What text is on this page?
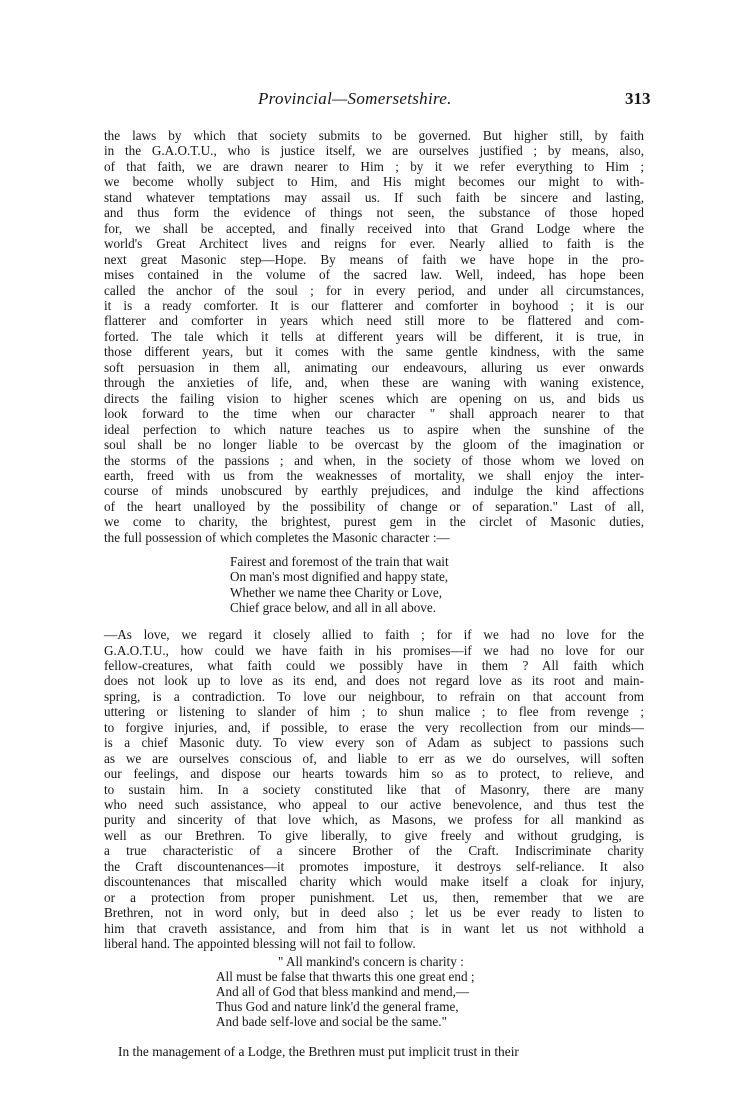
Provincial—Somersetshire.	313
the laws by which that society submits to be governed. But higher still, by faith
in the G.A.O.T.U., who is justice itself, we are ourselves justified ; by means, also,
of that faith, we are drawn nearer to Him ; by it we refer everything to Him ;
we become wholly subject to Him, and His might becomes our might to with-
stand whatever temptations may assail us. If such faith be sincere and lasting,
and thus form the evidence of things not seen, the substance of those hoped
for, we shall be accepted, and finally received into that Grand Lodge where the
world's Great Architect lives and reigns for ever. Nearly allied to faith is the
next great Masonic step—Hope. By means of faith we have hope in the pro-
mises contained in the volume of the sacred law. Well, indeed, has hope been
called the anchor of the soul ; for in every period, and under all circumstances,
it is a ready comforter. It is our flatterer and comforter in boyhood ; it is our
flatterer and comforter in years which need still more to be flattered and com-
forted. The tale which it tells at different years will be different, it is true, in
those different years, but it comes with the same gentle kindness, with the same
soft persuasion in them all, animating our endeavours, alluring us ever onwards
through the anxieties of life, and, when these are waning with waning existence,
directs the failing vision to higher scenes which are opening on us, and bids us
look forward to the time when our character " shall approach nearer to that
ideal perfection to which nature teaches us to aspire when the sunshine of the
soul shall be no longer liable to be overcast by the gloom of the imagination or
the storms of the passions ; and when, in the society of those whom we loved on
earth, freed with us from the weaknesses of mortality, we shall enjoy the inter-
course of minds unobscured by earthly prejudices, and indulge the kind affections
of the heart unalloyed by the possibility of change or of separation." Last of all,
we come to charity, the brightest, purest gem in the circlet of Masonic duties,
the full possession of which completes the Masonic character :—
Fairest and foremost of the train that wait
On man's most dignified and happy state,
Whether we name thee Charity or Love,
Chief grace below, and all in all above.
—As love, we regard it closely allied to faith ; for if we had no love for the
G.A.O.T.U., how could we have faith in his promises—if we had no love for our
fellow-creatures, what faith could we possibly have in them ? All faith which
does not look up to love as its end, and does not regard love as its root and main-
spring, is a contradiction. To love our neighbour, to refrain on that account from
uttering or listening to slander of him ; to shun malice ; to flee from revenge ;
to forgive injuries, and, if possible, to erase the very recollection from our minds—
is a chief Masonic duty. To view every son of Adam as subject to passions such
as we are ourselves conscious of, and liable to err as we do ourselves, will soften
our feelings, and dispose our hearts towards him so as to protect, to relieve, and
to sustain him. In a society constituted like that of Masonry, there are many
who need such assistance, who appeal to our active benevolence, and thus test the
purity and sincerity of that love which, as Masons, we profess for all mankind as
well as our Brethren. To give liberally, to give freely and without grudging, is
a true characteristic of a sincere Brother of the Craft. Indiscriminate charity
the Craft discountenances—it promotes imposture, it destroys self-reliance. It also
discountenances that miscalled charity which would make itself a cloak for injury,
or a protection from proper punishment. Let us, then, remember that we are
Brethren, not in word only, but in deed also ; let us be ever ready to listen to
him that craveth assistance, and from him that is in want let us not withhold a
liberal hand. The appointed blessing will not fail to follow.
" All mankind's concern is charity :
All must be false that thwarts this one great end ;
And all of God that bless mankind and mend,—
Thus God and nature link'd the general frame,
And bade self-love and social be the same."
In the management of a Lodge, the Brethren must put implicit trust in their
